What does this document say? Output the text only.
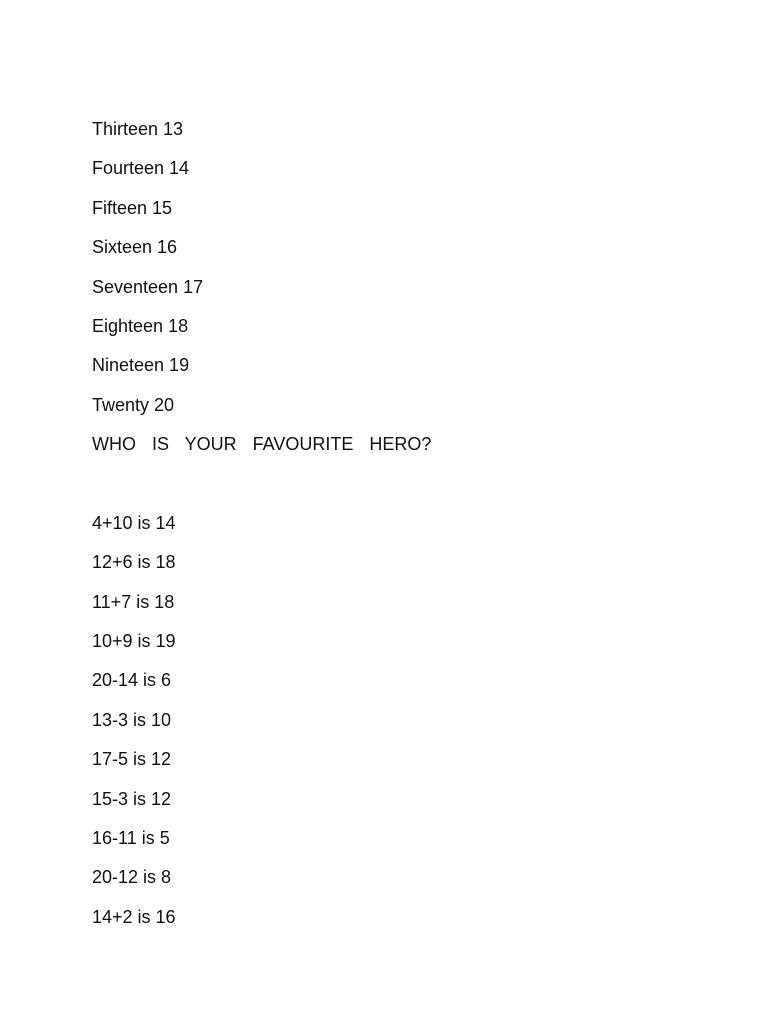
Thirteen 13
Fourteen 14
Fifteen 15
Sixteen 16
Seventeen 17
Eighteen 18
Nineteen 19
Twenty 20
WHO  IS  YOUR  FAVOURITE  HERO?
4+10 is 14
12+6 is 18
11+7 is 18
10+9 is 19
20-14 is 6
13-3 is 10
17-5 is 12
15-3 is 12
16-11 is 5
20-12 is 8
14+2 is 16
